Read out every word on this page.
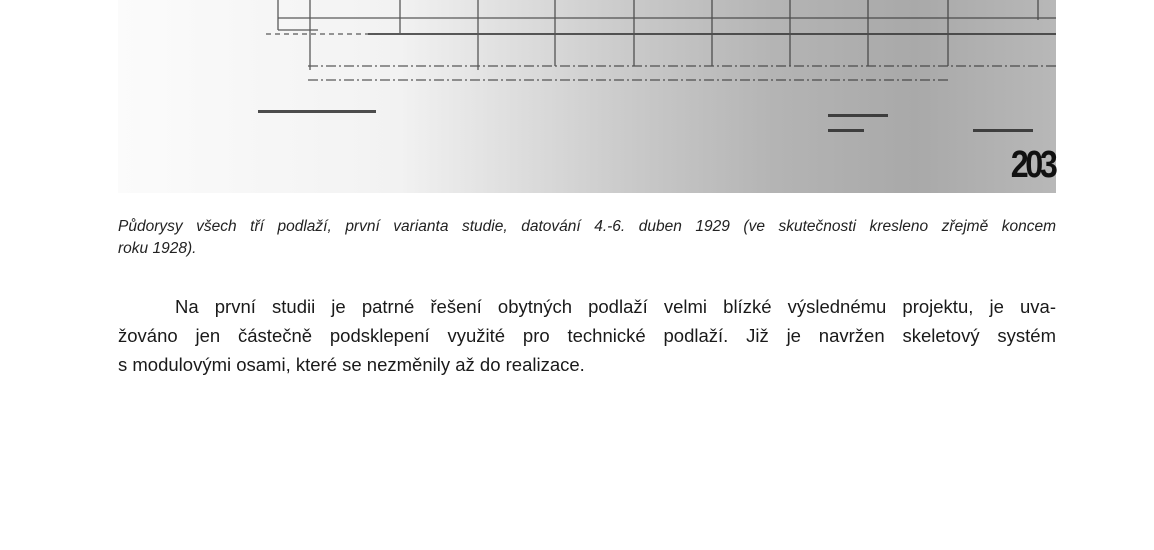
203
Půdorysy všech tří podlaží, první varianta studie, datování 4.-6. duben 1929 (ve skutečnosti kresleno zřejmě koncem
roku 1928).
Na první studii je patrné řešení obytných podlaží velmi blízké výslednému projektu, je uva-
žováno jen částečně podsklepení využité pro technické podlaží. Již je navržen skeletový systém
s modulovými osami, které se nezměnily až do realizace.
